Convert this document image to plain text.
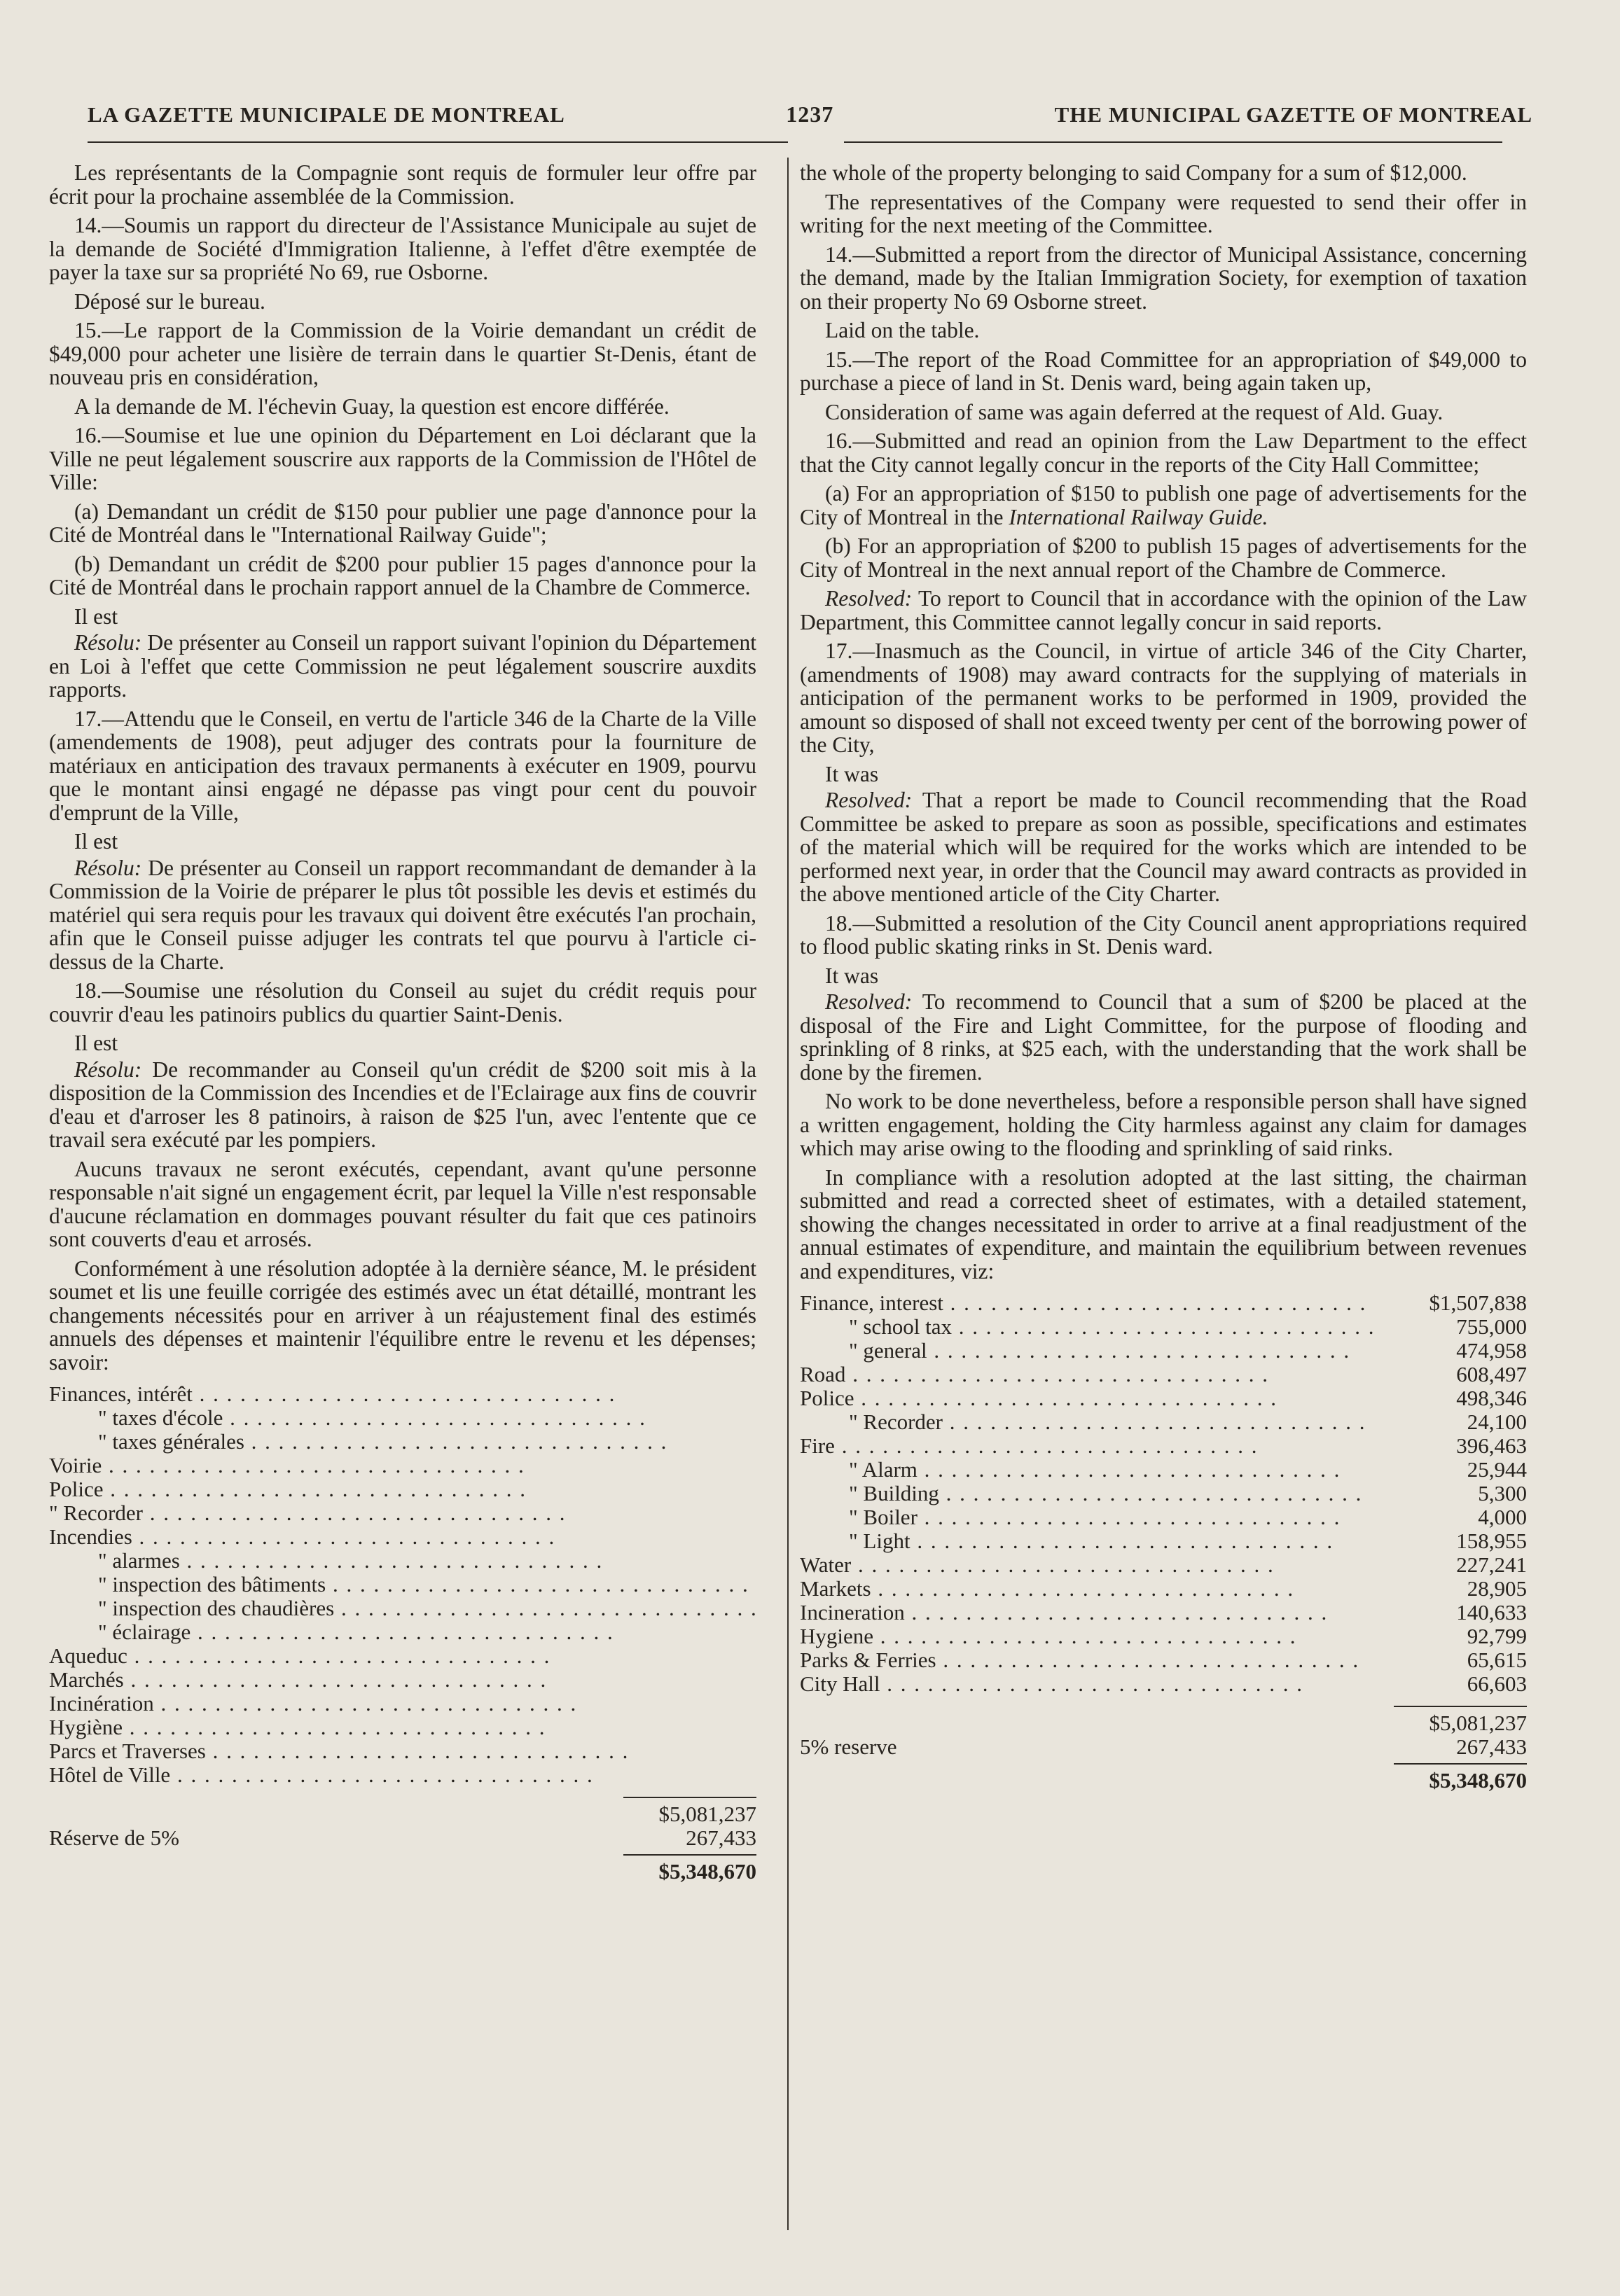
LA GAZETTE MUNICIPALE DE MONTREAL	1237	THE MUNICIPAL GAZETTE OF MONTREAL

Les représentants de la Compagnie sont requis de formuler leur offre par écrit pour la prochaine assemblée de la Commission.

14.—Soumis un rapport du directeur de l'Assistance Municipale au sujet de la demande de Société d'Immigration Italienne, à l'effet d'être exemptée de payer la taxe sur sa propriété No 69, rue Osborne.

Déposé sur le bureau.

15.—Le rapport de la Commission de la Voirie demandant un crédit de $49,000 pour acheter une lisière de terrain dans le quartier St-Denis, étant de nouveau pris en considération,

A la demande de M. l'échevin Guay, la question est encore différée.

16.—Soumise et lue une opinion du Département en Loi déclarant que la Ville ne peut légalement souscrire aux rapports de la Commission de l'Hôtel de Ville:

(a) Demandant un crédit de $150 pour publier une page d'annonce pour la Cité de Montréal dans le "International Railway Guide";

(b) Demandant un crédit de $200 pour publier 15 pages d'annonce pour la Cité de Montréal dans le prochain rapport annuel de la Chambre de Commerce.

Il est

Résolu: De présenter au Conseil un rapport suivant l'opinion du Département en Loi à l'effet que cette Commission ne peut légalement souscrire auxdits rapports.

17.—Attendu que le Conseil, en vertu de l'article 346 de la Charte de la Ville (amendements de 1908), peut adjuger des contrats pour la fourniture de matériaux en anticipation des travaux permanents à exécuter en 1909, pourvu que le montant ainsi engagé ne dépasse pas vingt pour cent du pouvoir d'emprunt de la Ville,

Il est

Résolu: De présenter au Conseil un rapport recommandant de demander à la Commission de la Voirie de préparer le plus tôt possible les devis et estimés du matériel qui sera requis pour les travaux qui doivent être exécutés l'an prochain, afin que le Conseil puisse adjuger les contrats tel que pourvu à l'article ci-dessus de la Charte.

18.—Soumise une résolution du Conseil au sujet du crédit requis pour couvrir d'eau les patinoirs publics du quartier Saint-Denis.

Il est

Résolu: De recommander au Conseil qu'un crédit de $200 soit mis à la disposition de la Commission des Incendies et de l'Eclairage aux fins de couvrir d'eau et d'arroser les 8 patinoirs, à raison de $25 l'un, avec l'entente que ce travail sera exécuté par les pompiers.

Aucuns travaux ne seront exécutés, cependant, avant qu'une personne responsable n'ait signé un engagement écrit, par lequel la Ville n'est responsable d'aucune réclamation en dommages pouvant résulter du fait que ces patinoirs sont couverts d'eau et arrosés.

Conformément à une résolution adoptée à la dernière séance, M. le président soumet et lis une feuille corrigée des estimés avec un état détaillé, montrant les changements nécessités pour en arriver à un réajustement final des estimés annuels des dépenses et maintenir l'équilibre entre le revenu et les dépenses; savoir:

Finances, intérêt . . .	
" taxes d'école . . .	
" taxes générales . . .	
Voirie . . .	
Police . . .	
" Recorder . . .	
Incendies . . .	
" alarmes . . .	
" inspection des bâtiments . . .	
" inspection des chaudières . . .	
" éclairage . . .	
Aqueduc . . .	
Marchés . . .	
Incinération . . .	
Hygiène . . .	
Parcs et Traverses . . .	
Hôtel de Ville . . .	
$5,081,237
Réserve de 5%	267,433
$5,348,670

the whole of the property belonging to said Company for a sum of $12,000.

The representatives of the Company were requested to send their offer in writing for the next meeting of the Committee.

14.—Submitted a report from the director of Municipal Assistance, concerning the demand, made by the Italian Immigration Society, for exemption of taxation on their property No 69 Osborne street.

Laid on the table.

15.—The report of the Road Committee for an appropriation of $49,000 to purchase a piece of land in St. Denis ward, being again taken up,

Consideration of same was again deferred at the request of Ald. Guay.

16.—Submitted and read an opinion from the Law Department to the effect that the City cannot legally concur in the reports of the City Hall Committee;

(a) For an appropriation of $150 to publish one page of advertisements for the City of Montreal in the International Railway Guide.

(b) For an appropriation of $200 to publish 15 pages of advertisements for the City of Montreal in the next annual report of the Chambre de Commerce.

Resolved: To report to Council that in accordance with the opinion of the Law Department, this Committee cannot legally concur in said reports.

17.—Inasmuch as the Council, in virtue of article 346 of the City Charter, (amendments of 1908) may award contracts for the supplying of materials in anticipation of the permanent works to be performed in 1909, provided the amount so disposed of shall not exceed twenty per cent of the borrowing power of the City,

It was

Resolved: That a report be made to Council recommending that the Road Committee be asked to prepare as soon as possible, specifications and estimates of the material which will be required for the works which are intended to be performed next year, in order that the Council may award contracts as provided in the above mentioned article of the City Charter.

18.—Submitted a resolution of the City Council anent appropriations required to flood public skating rinks in St. Denis ward.

It was

Resolved: To recommend to Council that a sum of $200 be placed at the disposal of the Fire and Light Committee, for the purpose of flooding and sprinkling of 8 rinks, at $25 each, with the understanding that the work shall be done by the firemen.

No work to be done nevertheless, before a responsible person shall have signed a written engagement, holding the City harmless against any claim for damages which may arise owing to the flooding and sprinkling of said rinks.

In compliance with a resolution adopted at the last sitting, the chairman submitted and read a corrected sheet of estimates, with a detailed statement, showing the changes necessitated in order to arrive at a final readjustment of the annual estimates of expenditure, and maintain the equilibrium between revenues and expenditures, viz:

Finance, interest . . .	$1,507,838
" school tax . . .	755,000
" general . . .	474,958
Road . . .	608,497
Police . . .	498,346
" Recorder . . .	24,100
Fire . . .	396,463
" Alarm . . .	25,944
" Building . . .	5,300
" Boiler . . .	4,000
" Light . . .	158,955
Water . . .	227,241
Markets . . .	28,905
Incineration . . .	140,633
Hygiene . . .	92,799
Parks & Ferries . . .	65,615
City Hall . . .	66,603
$5,081,237
5% reserve	267,433
$5,348,670
